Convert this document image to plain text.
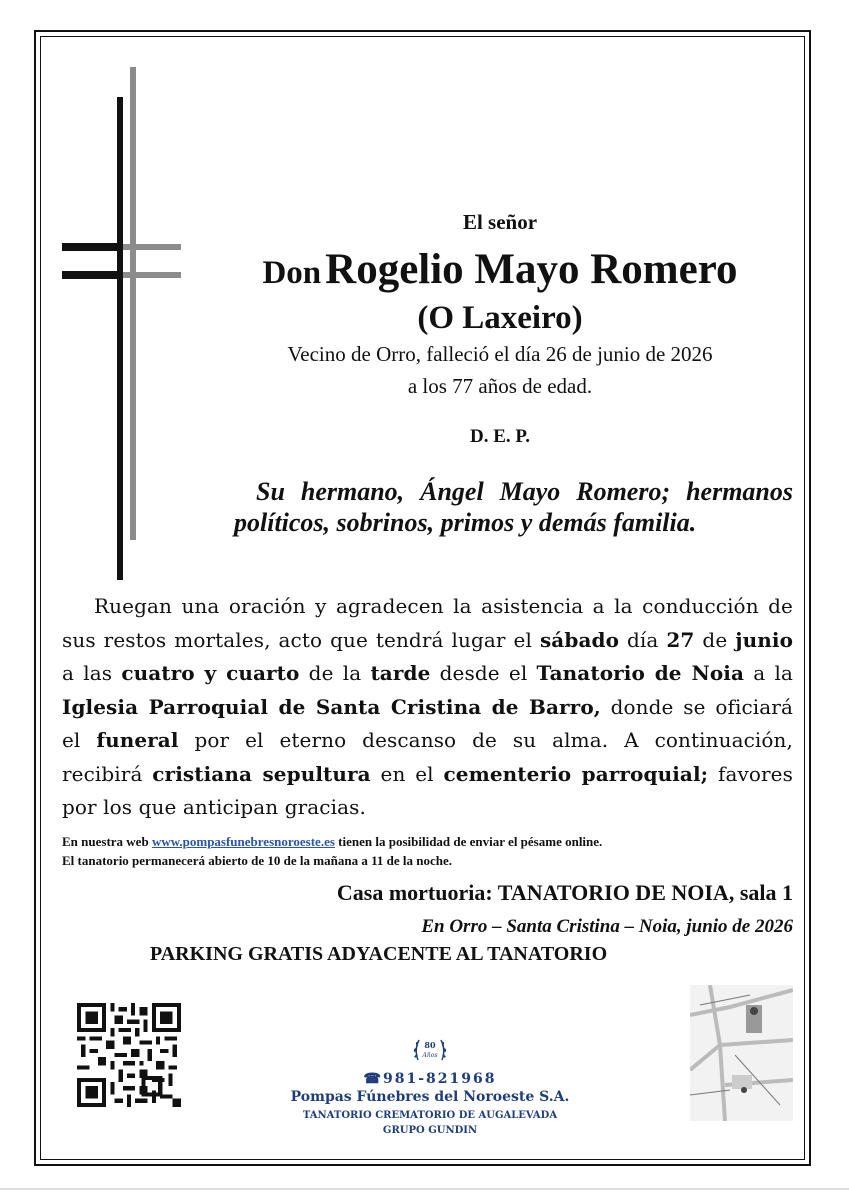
El señor
Don Rogelio Mayo Romero
(O Laxeiro)
Vecino de Orro, falleció el día 26 de junio de 2026
a los 77 años de edad.
D. E. P.
Su hermano, Ángel Mayo Romero; hermanos políticos, sobrinos, primos y demás familia.
Ruegan una oración y agradecen la asistencia a la conducción de
sus restos mortales, acto que tendrá lugar el sábado día 27 de junio
a las cuatro y cuarto de la tarde desde el Tanatorio de Noia a la
Iglesia Parroquial de Santa Cristina de Barro, donde se oficiará
el funeral por el eterno descanso de su alma. A continuación,
recibirá cristiana sepultura en el cementerio parroquial; favores
por los que anticipan gracias.
En nuestra web www.pompasfunebresnoroeste.es tienen la posibilidad de enviar el pésame online.
El tanatorio permanecerá abierto de 10 de la mañana a 11 de la noche.
Casa mortuoria: TANATORIO DE NOIA, sala 1
En Orro – Santa Cristina – Noia, junio de 2026
PARKING GRATIS ADYACENTE AL TANATORIO
80
Años
☎981-821968
Pompas Fúnebres del Noroeste S.A.
TANATORIO CREMATORIO DE AUGALEVADA
GRUPO GUNDIN
